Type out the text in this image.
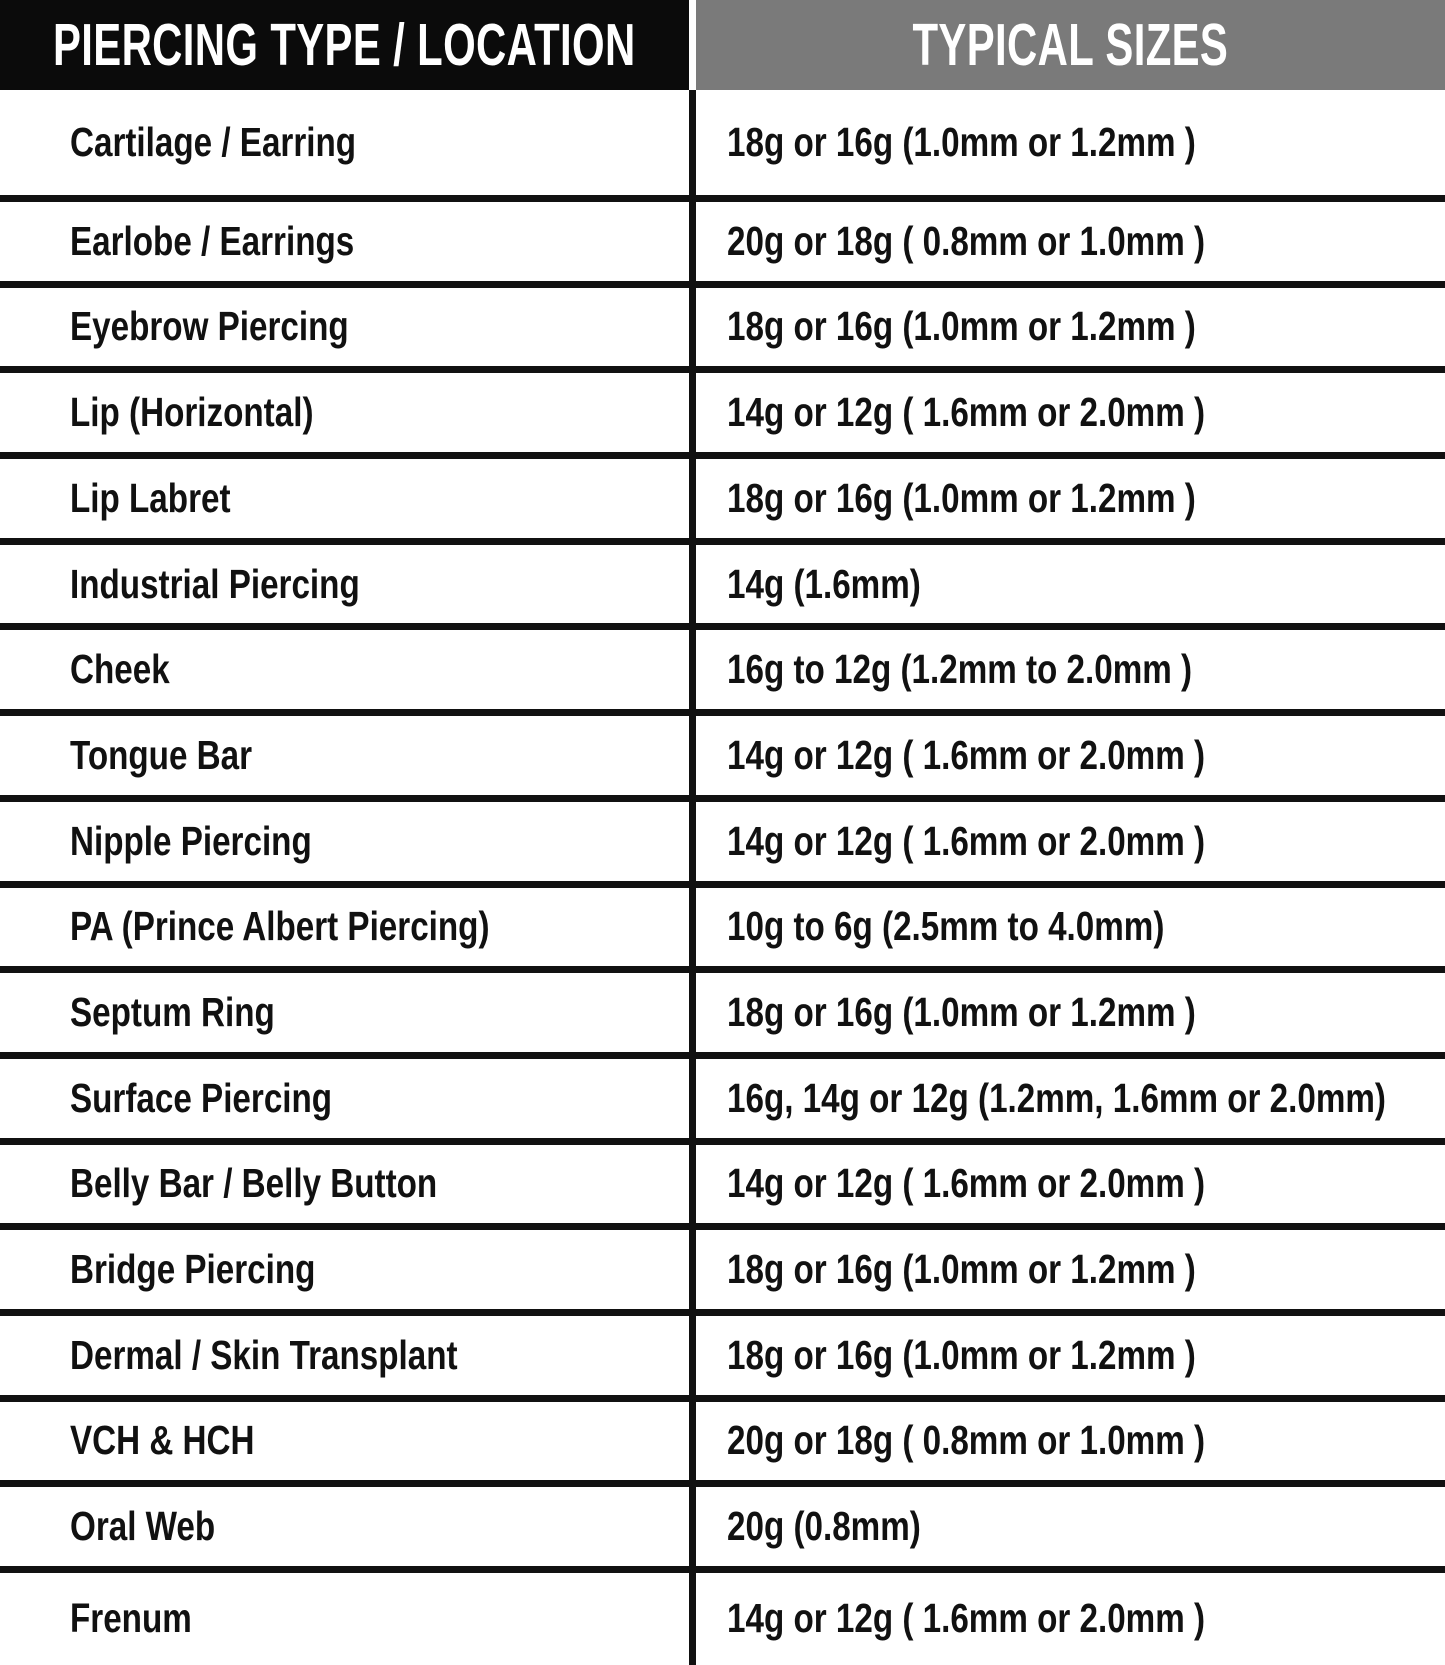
PIERCING TYPE / LOCATION	TYPICAL SIZES
Cartilage / Earring	18g or 16g (1.0mm or 1.2mm )
Earlobe / Earrings	20g or 18g ( 0.8mm or 1.0mm )
Eyebrow Piercing	18g or 16g (1.0mm or 1.2mm )
Lip (Horizontal)	14g or 12g ( 1.6mm or 2.0mm )
Lip Labret	18g or 16g (1.0mm or 1.2mm )
Industrial Piercing	14g (1.6mm)
Cheek	16g to 12g (1.2mm to 2.0mm )
Tongue Bar	14g or 12g ( 1.6mm or 2.0mm )
Nipple Piercing	14g or 12g ( 1.6mm or 2.0mm )
PA (Prince Albert Piercing)	10g to 6g (2.5mm to 4.0mm)
Septum Ring	18g or 16g (1.0mm or 1.2mm )
Surface Piercing	16g, 14g or 12g (1.2mm, 1.6mm or 2.0mm)
Belly Bar / Belly Button	14g or 12g ( 1.6mm or 2.0mm )
Bridge Piercing	18g or 16g (1.0mm or 1.2mm )
Dermal / Skin Transplant	18g or 16g (1.0mm or 1.2mm )
VCH & HCH	20g or 18g ( 0.8mm or 1.0mm )
Oral Web	20g (0.8mm)
Frenum	14g or 12g ( 1.6mm or 2.0mm )
